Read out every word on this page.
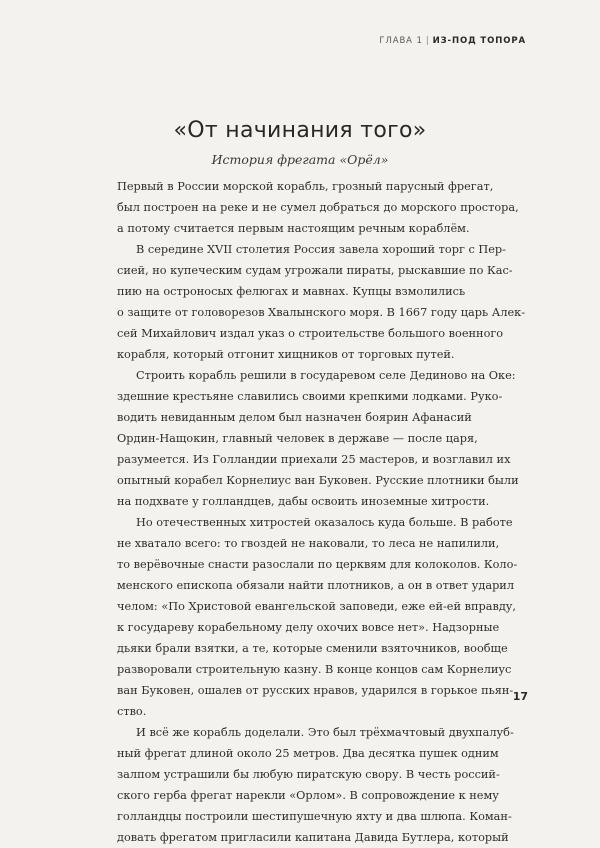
ГЛАВА 1 | ИЗ-ПОД ТОПОРА
«От начинания того»

История фрегата «Орёл»

Первый в России морской корабль, грозный парусный фрегат,
был построен на реке и не сумел добраться до морского простора,
а потому считается первым настоящим речным кораблём.
В середине XVII столетия Россия завела хороший торг с Пер-
сией, но купеческим судам угрожали пираты, рыскавшие по Кас-
пию на остроносых фелюгах и мавнах. Купцы взмолились
о защите от головорезов Хвалынского моря. В 1667 году царь Алек-
сей Михайлович издал указ о строительстве большого военного
корабля, который отгонит хищников от торговых путей.
Строить корабль решили в государевом селе Дединово на Оке:
здешние крестьяне славились своими крепкими лодками. Руко-
водить невиданным делом был назначен боярин Афанасий
Ордин-Нащокин, главный человек в державе — после царя,
разумеется. Из Голландии приехали 25 мастеров, и возглавил их
опытный корабел Корнелиус ван Буковен. Русские плотники были
на подхвате у голландцев, дабы освоить иноземные хитрости.
Но отечественных хитростей оказалось куда больше. В работе
не хватало всего: то гвоздей не наковали, то леса не напилили,
то верёвочные снасти разослали по церквям для колоколов. Коло-
менского епископа обязали найти плотников, а он в ответ ударил
челом: «По Христовой евангельской заповеди, еже ей-ей вправду,
к государеву корабельному делу охочих вовсе нет». Надзорные
дьяки брали взятки, а те, которые сменили взяточников, вообще
разворовали строительную казну. В конце концов сам Корнелиус
ван Буковен, ошалев от русских нравов, ударился в горькое пьян-
ство.
И всё же корабль доделали. Это был трёхмачтовый двухпалуб-
ный фрегат длиной около 25 метров. Два десятка пушек одним
залпом устрашили бы любую пиратскую свору. В честь россий-
ского герба фрегат нарекли «Орлом». В сопровождение к нему
голландцы построили шестипушечную яхту и два шлюпа. Коман-
довать фрегатом пригласили капитана Давида Бутлера, который
17
